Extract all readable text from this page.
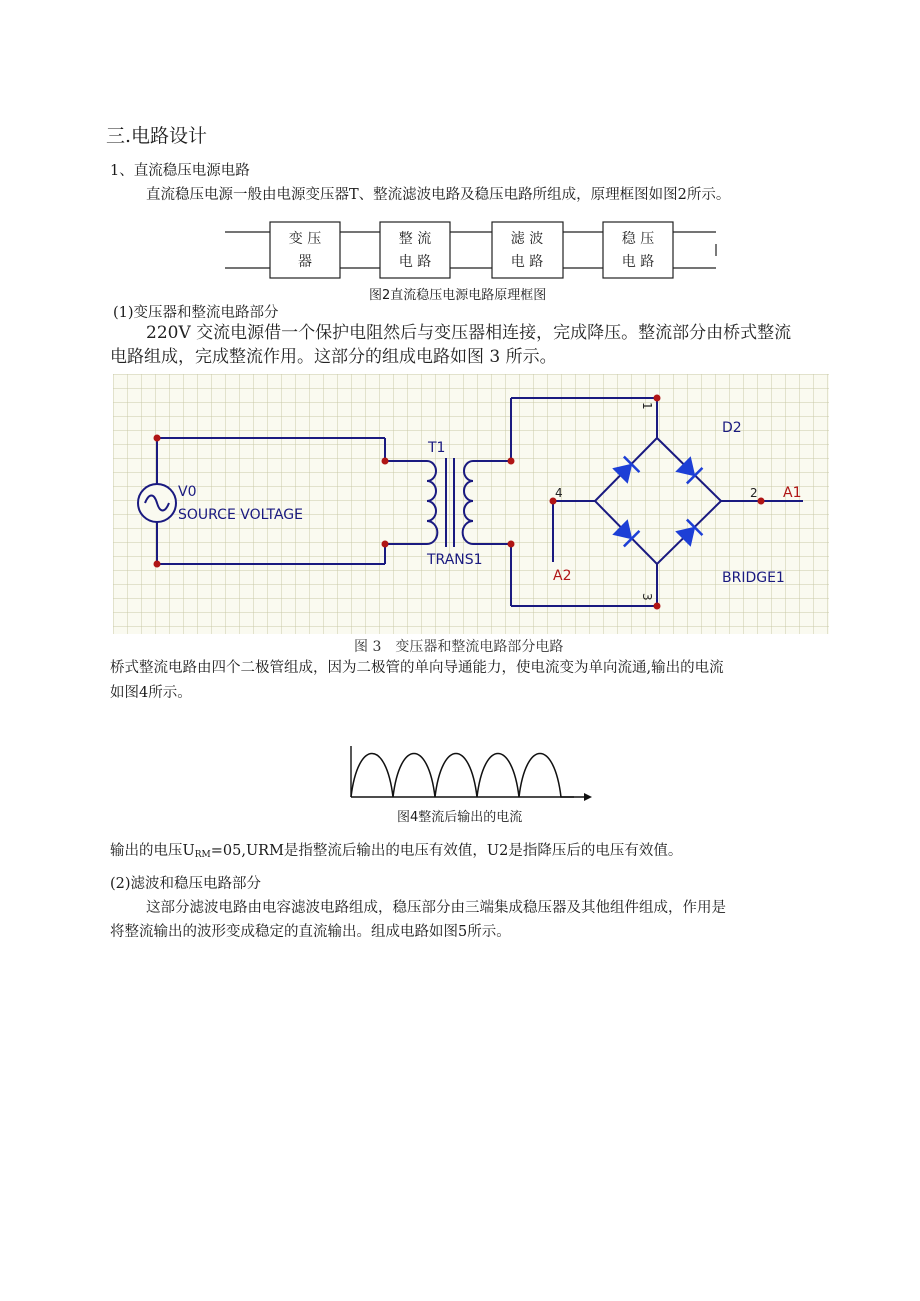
三.电路设计
1、直流稳压电源电路
直流稳压电源一般由电源变压器T、整流滤波电路及稳压电路所组成，原理框图如图2所示。
变 压
器
整 流
电 路
滤 波
电 路
稳 压
电 路
图2直流稳压电源电路原理框图
(1)变压器和整流电路部分
220V 交流电源借一个保护电阻然后与变压器相连接，完成降压。整流部分由桥式整流
电路组成，完成整流作用。这部分的组成电路如图 3 所示。
V0
SOURCE VOLTAGE
T1
TRANS1
D2
BRIDGE1
1
2
3
4	A1
A2
图 3　变压器和整流电路部分电路
桥式整流电路由四个二极管组成，因为二极管的单向导通能力，使电流变为单向流通,输出的电流
如图4所示。
图4整流后输出的电流
输出的电压$U_{RM}=05,URM$是指整流后输出的电压有效值，U2是指降压后的电压有效值。
(2)滤波和稳压电路部分
这部分滤波电路由电容滤波电路组成，稳压部分由三端集成稳压器及其他组件组成，作用是
将整流输出的波形变成稳定的直流输出。组成电路如图5所示。
